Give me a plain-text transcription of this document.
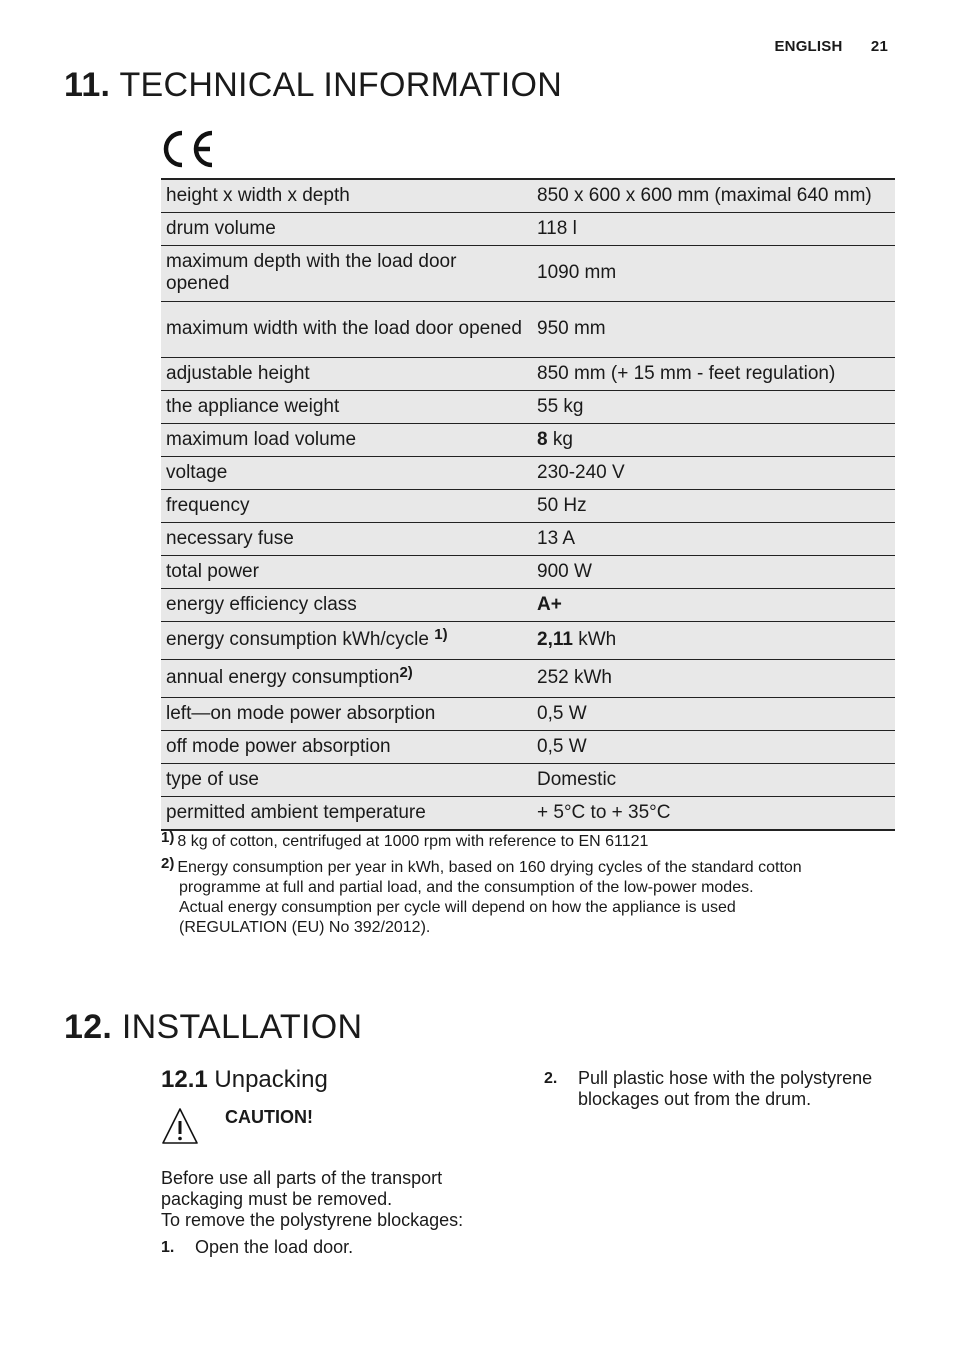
ENGLISH 21
11. TECHNICAL INFORMATION
height x width x depth	850 x 600 x 600 mm (maximal 640 mm)
drum volume	118 l
maximum depth with the load door opened	1090 mm
maximum width with the load door opened	950 mm
adjustable height	850 mm (+ 15 mm - feet regulation)
the appliance weight	55 kg
maximum load volume	8 kg
voltage	230-240 V
frequency	50 Hz
necessary fuse	13 A
total power	900 W
energy efficiency class	A+
energy consumption kWh/cycle $^{1)}$	2,11 kWh
annual energy consumption$^{2)}$	252 kWh
left—on mode power absorption	0,5 W
off mode power absorption	0,5 W
type of use	Domestic
permitted ambient temperature	+ 5°C to + 35°C
1) 8 kg of cotton, centrifuged at 1000 rpm with reference to EN 61121
2) Energy consumption per year in kWh, based on 160 drying cycles of the standard cotton
programme at full and partial load, and the consumption of the low-power modes.
Actual energy consumption per cycle will depend on how the appliance is used
(REGULATION (EU) No 392/2012).
12. INSTALLATION
12.1 Unpacking
CAUTION!
Before use all parts of the transport
packaging must be removed.
To remove the polystyrene blockages:
1.	Open the load door.
2.	Pull plastic hose with the polystyrene
blockages out from the drum.
